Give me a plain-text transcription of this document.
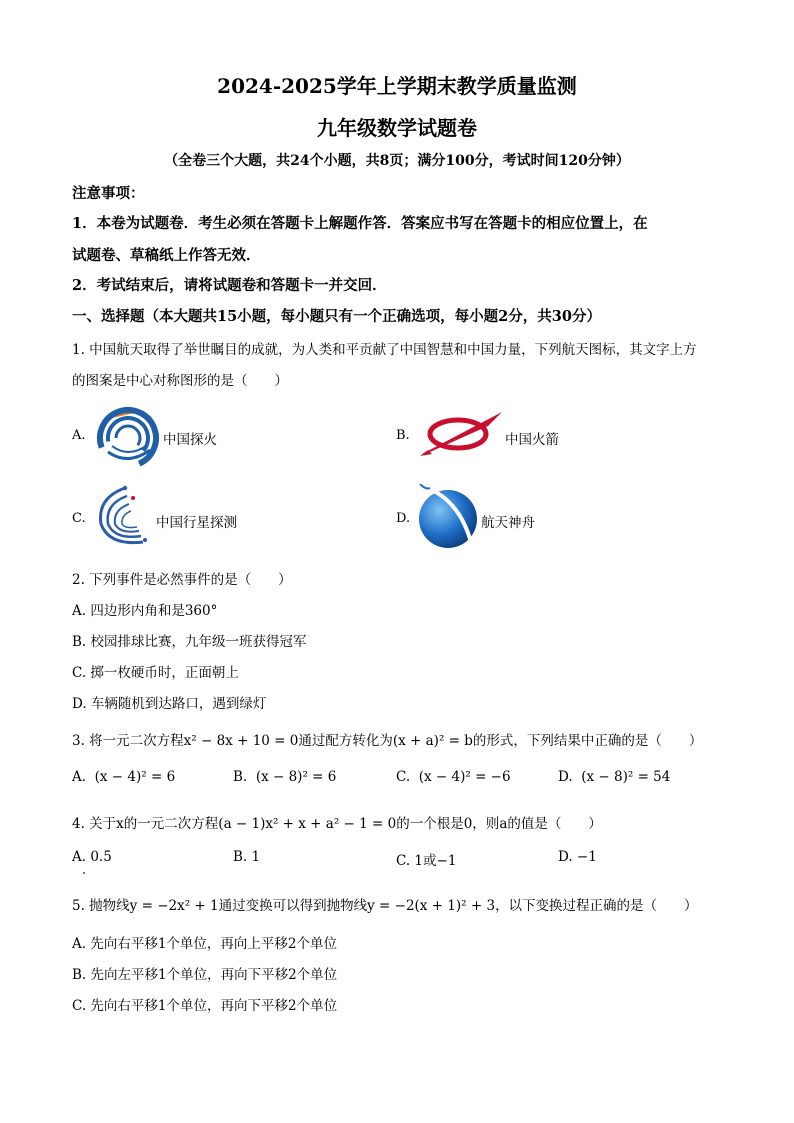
2024-2025学年上学期末教学质量监测
九年级数学试题卷
（全卷三个大题，共24个小题，共8页；满分100分，考试时间120分钟）
注意事项：
1．本卷为试题卷．考生必须在答题卡上解题作答．答案应书写在答题卡的相应位置上，在
试题卷、草稿纸上作答无效．
2．考试结束后，请将试题卷和答题卡一并交回．
一、选择题（本大题共15小题，每小题只有一个正确选项，每小题2分，共30分）
1. 中国航天取得了举世瞩目的成就，为人类和平贡献了中国智慧和中国力量，下列航天图标，其文字上方
的图案是中心对称图形的是（　　）
A.	中国探火	B.	中国火箭
C.	中国行星探测	D.	航天神舟
2. 下列事件是必然事件的是（　　）
A. 四边形内角和是360°
B. 校园排球比赛，九年级一班获得冠军
C. 掷一枚硬币时，正面朝上
D. 车辆随机到达路口，遇到绿灯
3. 将一元二次方程x² − 8x + 10 = 0通过配方转化为(x + a)² = b的形式，下列结果中正确的是（　　）
A. (x − 4)² = 6	B. (x − 8)² = 6	C. (x − 4)² = −6	D. (x − 8)² = 54
4. 关于x的一元二次方程(a − 1)x² + x + a² − 1 = 0的一个根是0，则a的值是（　　）
A. 0.5	B. 1	C. 1或−1	D. −1
5. 抛物线y = −2x² + 1通过变换可以得到抛物线y = −2(x + 1)² + 3，以下变换过程正确的是（　　）
A. 先向右平移1个单位，再向上平移2个单位
B. 先向左平移1个单位，再向下平移2个单位
C. 先向右平移1个单位，再向下平移2个单位
